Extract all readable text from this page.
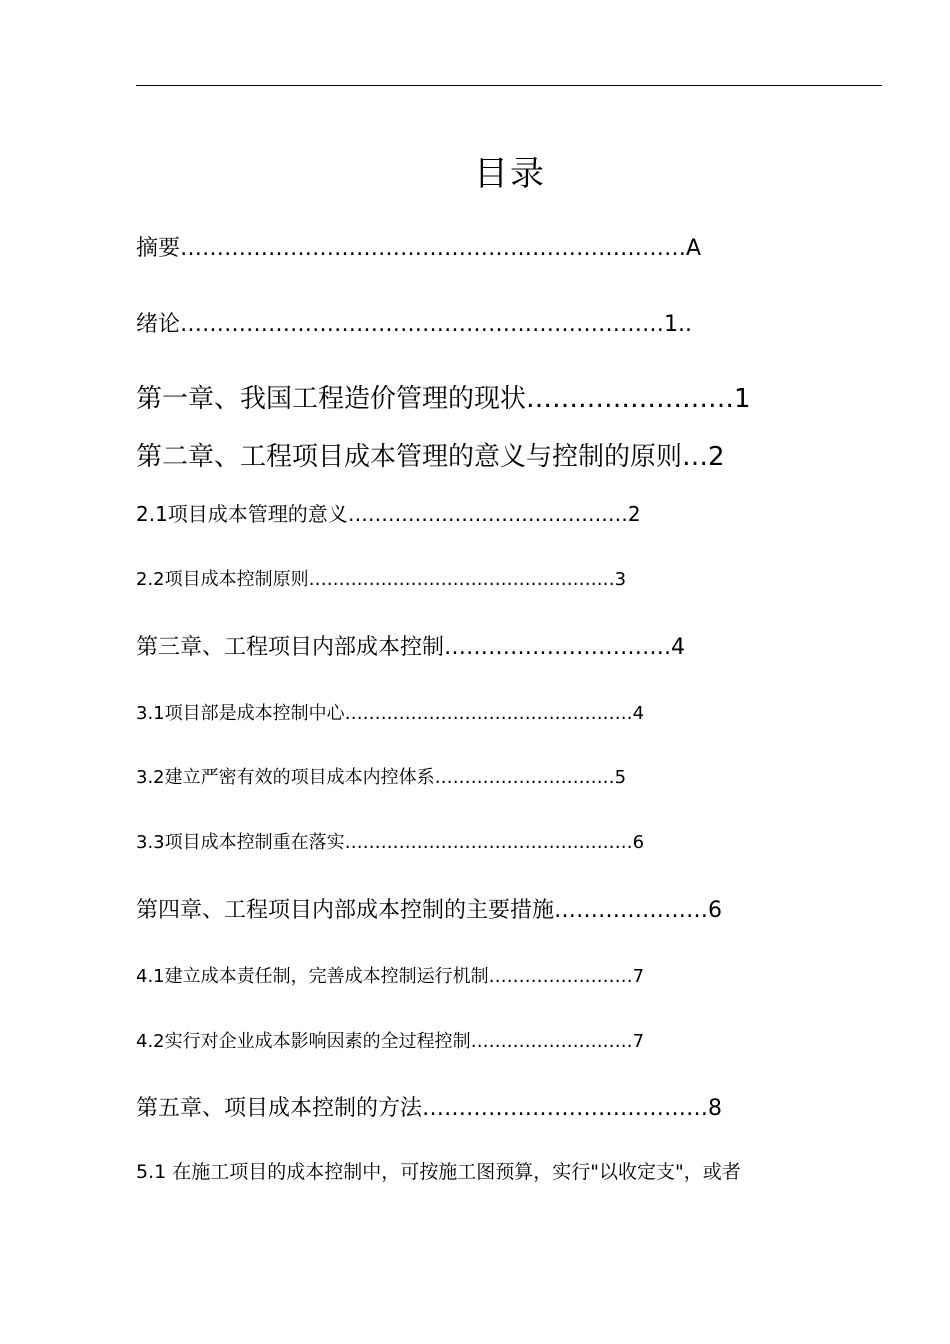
目录
摘要……………………………………………………………A
绪论…………………………………………………………1..
第一章、我国工程造价管理的现状……………………1
第二章、工程项目成本管理的意义与控制的原则…2
2.1项目成本管理的意义……………………………………2
2.2项目成本控制原则……………………………………………3
第三章、工程项目内部成本控制………………………….4
3.1项目部是成本控制中心…………………………………………4
3.2建立严密有效的项目成本内控体系…………………………5
3.3项目成本控制重在落实…………………………………………6
第四章、工程项目内部成本控制的主要措施…………………6
4.1建立成本责任制，完善成本控制运行机制……………………7
4.2实行对企业成本影响因素的全过程控制………………………7
第五章、项目成本控制的方法…………………………………8
5.1 在施工项目的成本控制中，可按施工图预算，实行"以收定支"，或者
